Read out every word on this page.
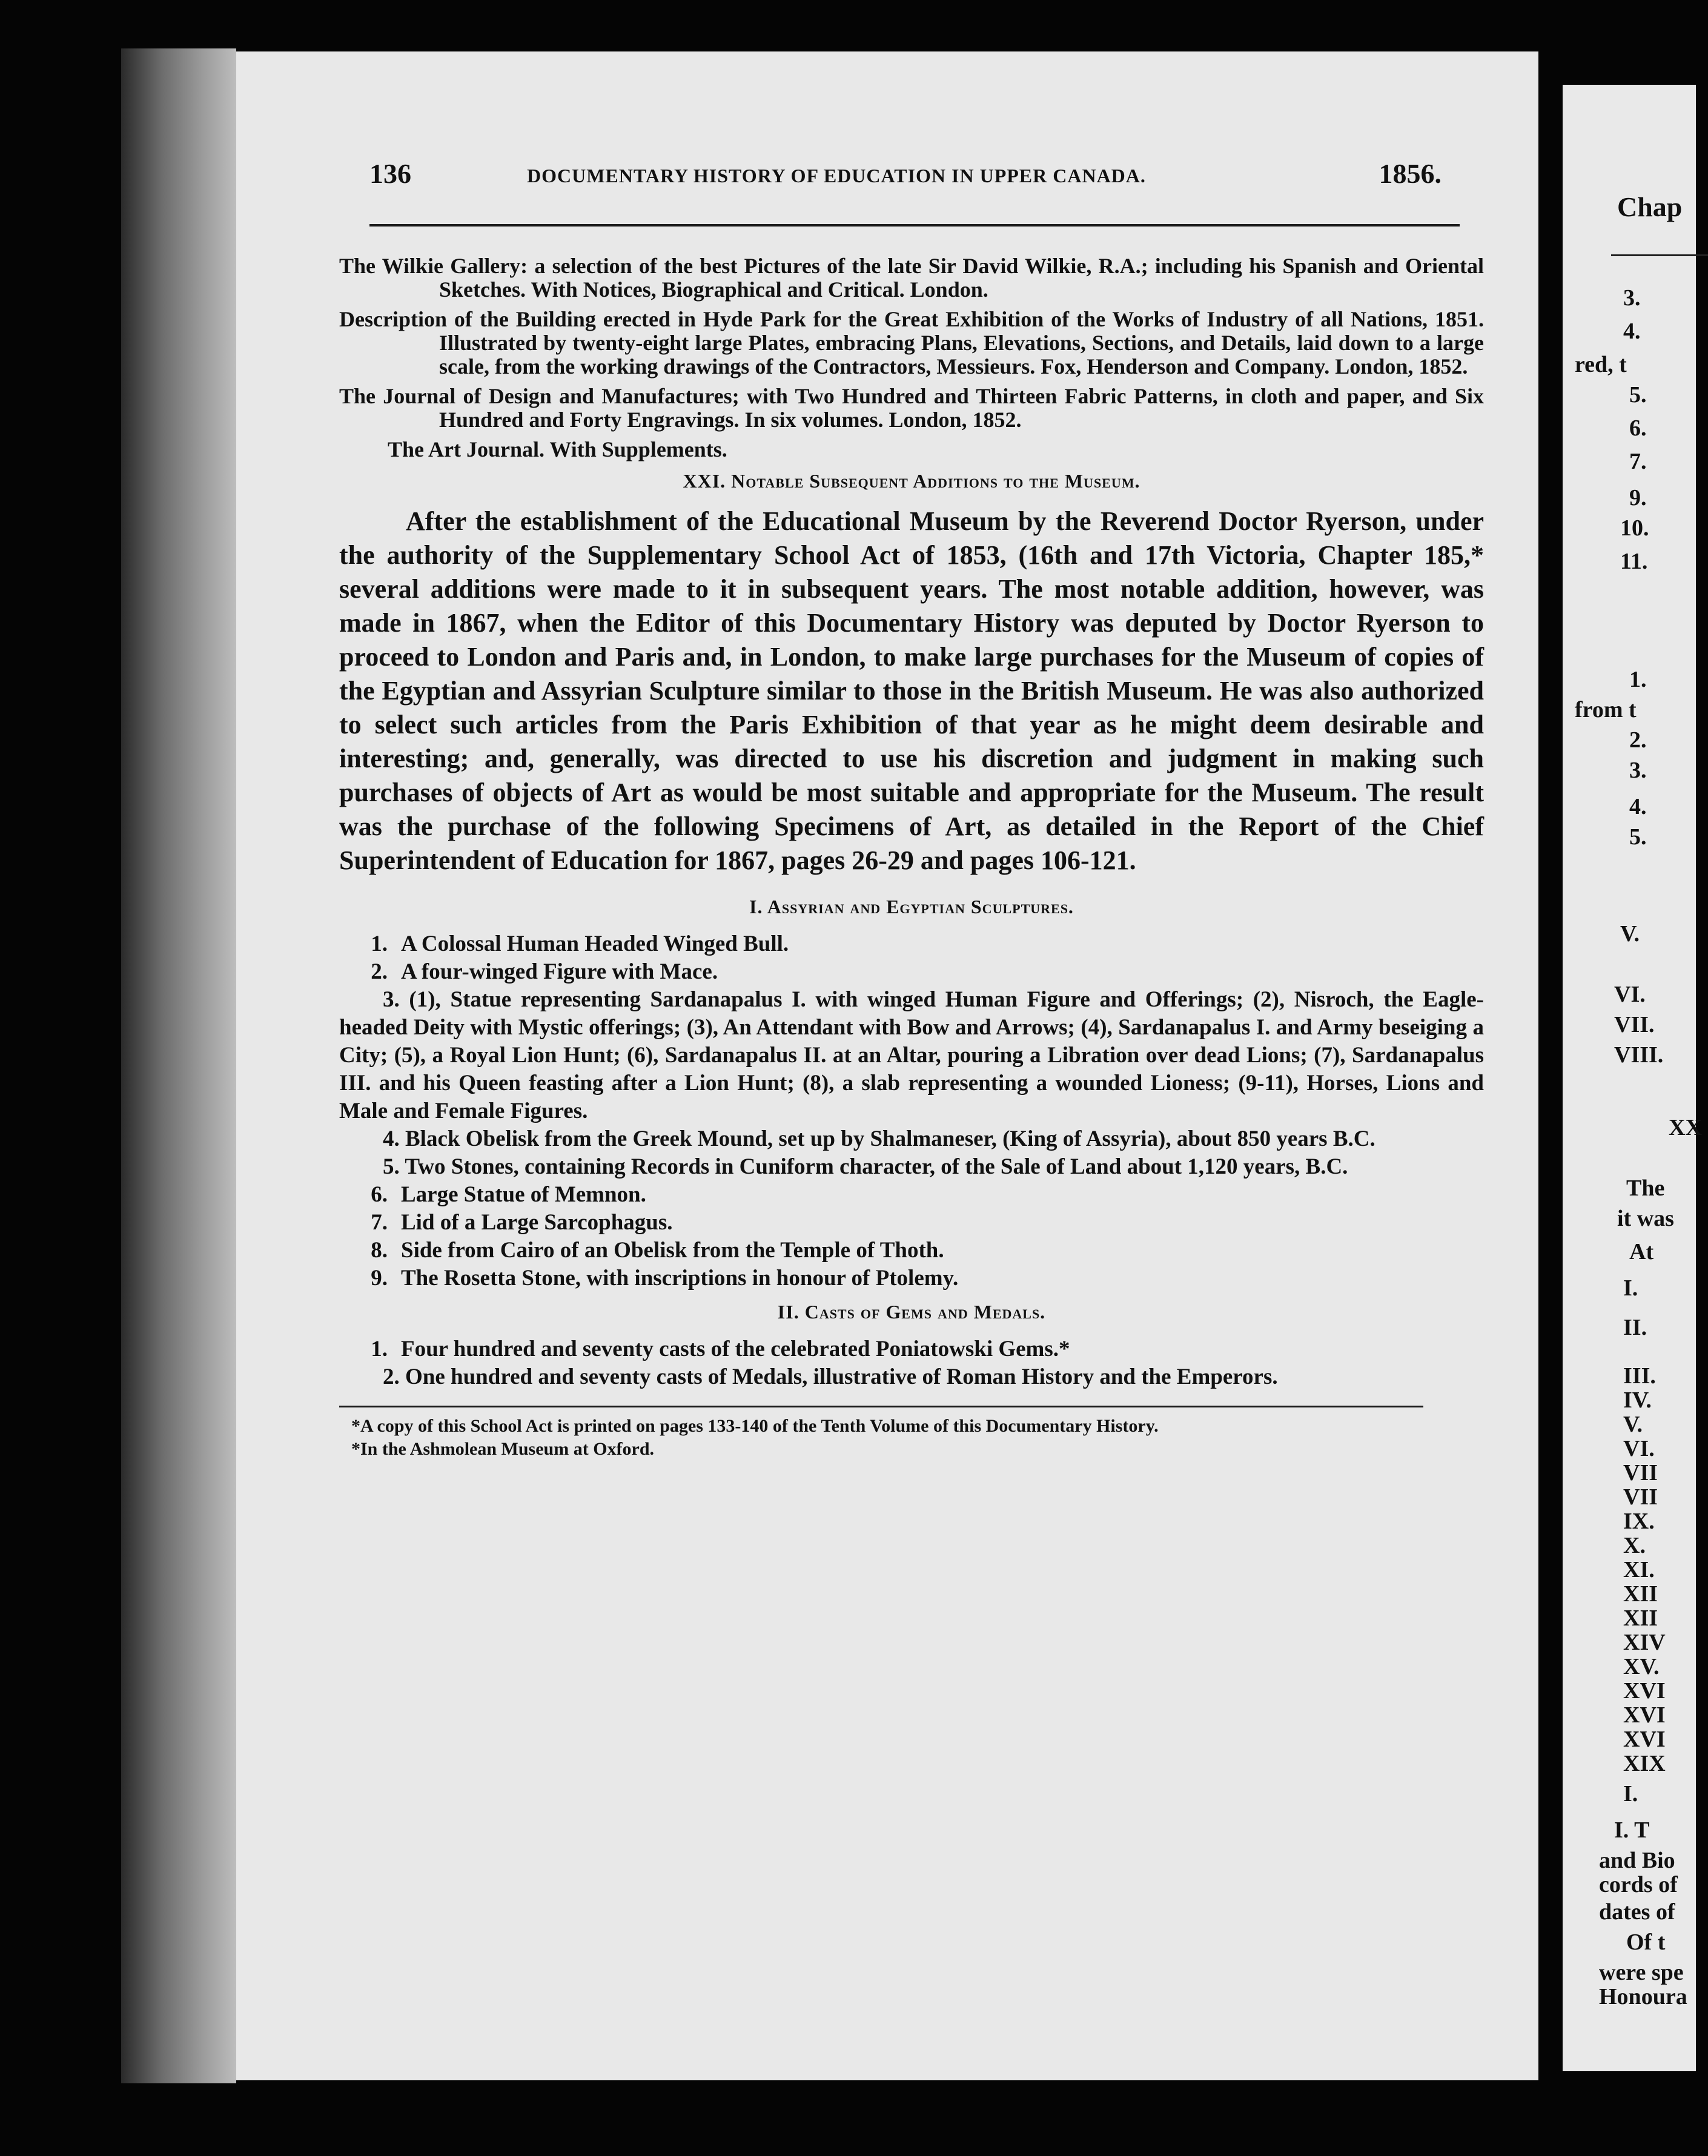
136	DOCUMENTARY HISTORY OF EDUCATION IN UPPER CANADA.	1856.

The Wilkie Gallery: a selection of the best Pictures of the late Sir David Wilkie, R.A.; including his Spanish and Oriental Sketches. With Notices, Biographical and Critical. London.

Description of the Building erected in Hyde Park for the Great Exhibition of the Works of Industry of all Nations, 1851. Illustrated by twenty-eight large Plates, embracing Plans, Elevations, Sections, and Details, laid down to a large scale, from the working drawings of the Contractors, Messieurs. Fox, Henderson and Company. London, 1852.

The Journal of Design and Manufactures; with Two Hundred and Thirteen Fabric Patterns, in cloth and paper, and Six Hundred and Forty Engravings. In six volumes. London, 1852.

The Art Journal. With Supplements.

XXI. Notable Subsequent Additions to the Museum.

After the establishment of the Educational Museum by the Reverend Doctor Ryerson, under the authority of the Supplementary School Act of 1853, (16th and 17th Victoria, Chapter 185,* several additions were made to it in subsequent years. The most notable addition, however, was made in 1867, when the Editor of this Documentary History was deputed by Doctor Ryerson to proceed to London and Paris and, in London, to make large purchases for the Museum of copies of the Egyptian and Assyrian Sculpture similar to those in the British Museum. He was also authorized to select such articles from the Paris Exhibition of that year as he might deem desirable and interesting; and, generally, was directed to use his discretion and judgment in making such purchases of objects of Art as would be most suitable and appropriate for the Museum. The result was the purchase of the following Specimens of Art, as detailed in the Report of the Chief Superintendent of Education for 1867, pages 26-29 and pages 106-121.

I. Assyrian and Egyptian Sculptures.

1. A Colossal Human Headed Winged Bull.

2. A four-winged Figure with Mace.

3. (1), Statue representing Sardanapalus I. with winged Human Figure and Offerings; (2), Nisroch, the Eagle-headed Deity with Mystic offerings; (3), An Attendant with Bow and Arrows; (4), Sardanapalus I. and Army beseiging a City; (5), a Royal Lion Hunt; (6), Sardanapalus II. at an Altar, pouring a Libration over dead Lions; (7), Sardanapalus III. and his Queen feasting after a Lion Hunt; (8), a slab representing a wounded Lioness; (9-11), Horses, Lions and Male and Female Figures.

4. Black Obelisk from the Greek Mound, set up by Shalmaneser, (King of Assyria), about 850 years B.C.

5. Two Stones, containing Records in Cuniform character, of the Sale of Land about 1,120 years, B.C.

6. Large Statue of Memnon.

7. Lid of a Large Sarcophagus.

8. Side from Cairo of an Obelisk from the Temple of Thoth.

9. The Rosetta Stone, with inscriptions in honour of Ptolemy.

II. Casts of Gems and Medals.

1. Four hundred and seventy casts of the celebrated Poniatowski Gems.*

2. One hundred and seventy casts of Medals, illustrative of Roman History and the Emperors.

*A copy of this School Act is printed on pages 133-140 of the Tenth Volume of this Documentary History.

*In the Ashmolean Museum at Oxford.

Chap
3.
4.
red, t
5.
6.
7.
9.
10.
11.
1.
from t
2.
3.
4.
5.
V.
VI.
VII.
VIII.
XX
The
it was
At
I.
II.
III.
IV.
V.
VI.
VII
VII
IX.
X.
XI.
XII
XII
XIV
XV.
XVI
XVI
XVI
XIX
I.
I. T
and Bio
cords of
dates of
Of t
were spe
Honoura
